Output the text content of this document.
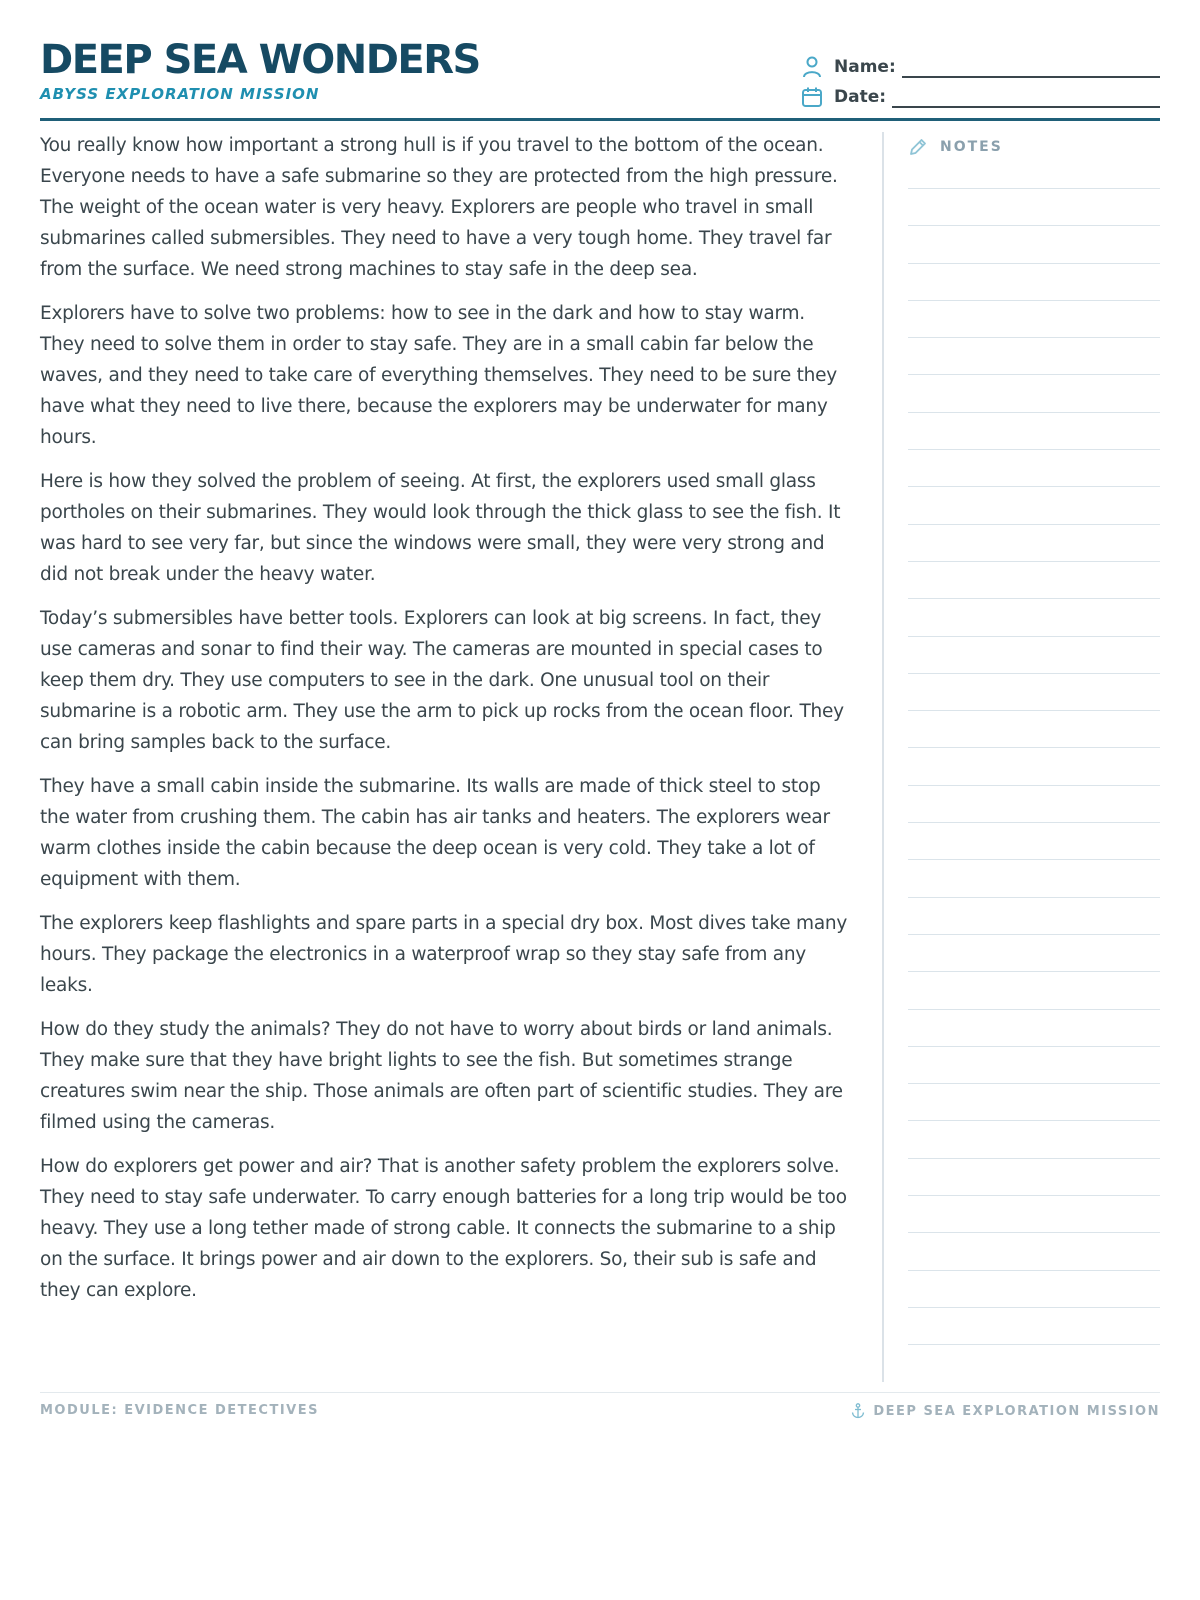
DEEP SEA WONDERS
ABYSS EXPLORATION MISSION
Name:
Date:

You really know how important a strong hull is if you travel to the bottom of the ocean. Everyone needs to have a safe submarine so they are protected from the high pressure. The weight of the ocean water is very heavy. Explorers are people who travel in small submarines called submersibles. They need to have a very tough home. They travel far from the surface. We need strong machines to stay safe in the deep sea.

Explorers have to solve two problems: how to see in the dark and how to stay warm. They need to solve them in order to stay safe. They are in a small cabin far below the waves, and they need to take care of everything themselves. They need to be sure they have what they need to live there, because the explorers may be underwater for many hours.

Here is how they solved the problem of seeing. At first, the explorers used small glass portholes on their submarines. They would look through the thick glass to see the fish. It was hard to see very far, but since the windows were small, they were very strong and did not break under the heavy water.

Today’s submersibles have better tools. Explorers can look at big screens. In fact, they use cameras and sonar to find their way. The cameras are mounted in special cases to keep them dry. They use computers to see in the dark. One unusual tool on their submarine is a robotic arm. They use the arm to pick up rocks from the ocean floor. They can bring samples back to the surface.

They have a small cabin inside the submarine. Its walls are made of thick steel to stop the water from crushing them. The cabin has air tanks and heaters. The explorers wear warm clothes inside the cabin because the deep ocean is very cold. They take a lot of equipment with them.

The explorers keep flashlights and spare parts in a special dry box. Most dives take many hours. They package the electronics in a waterproof wrap so they stay safe from any leaks.

How do they study the animals? They do not have to worry about birds or land animals. They make sure that they have bright lights to see the fish. But sometimes strange creatures swim near the ship. Those animals are often part of scientific studies. They are filmed using the cameras.

How do explorers get power and air? That is another safety problem the explorers solve. They need to stay safe underwater. To carry enough batteries for a long trip would be too heavy. They use a long tether made of strong cable. It connects the submarine to a ship on the surface. It brings power and air down to the explorers. So, their sub is safe and they can explore.

NOTES
MODULE: EVIDENCE DETECTIVES	DEEP SEA EXPLORATION MISSION
